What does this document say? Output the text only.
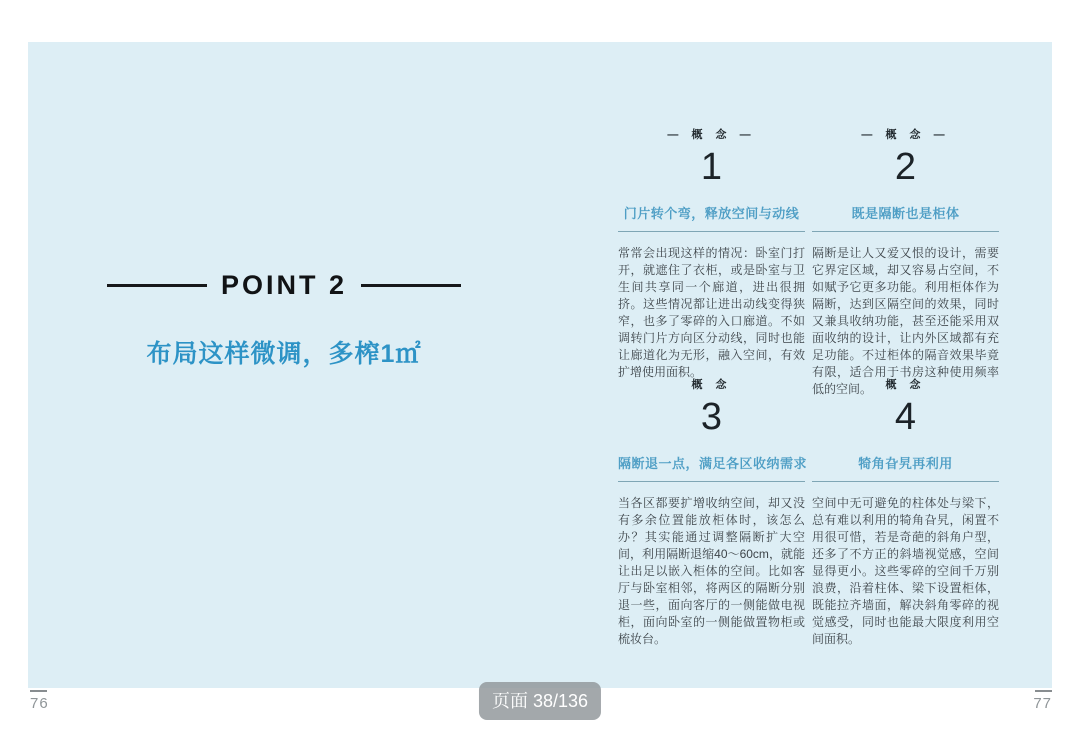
POINT 2
布局这样微调，多榨1㎡
— 概 念 —
1
门片转个弯，释放空间与动线
常常会出现这样的情况：卧室门打开，就遮住了衣柜，或是卧室与卫生间共享同一个廊道，进出很拥挤。这些情况都让进出动线变得狭窄，也多了零碎的入口廊道。不如调转门片方向区分动线，同时也能让廊道化为无形，融入空间，有效扩增使用面积。
— 概 念 —
2
既是隔断也是柜体
隔断是让人又爱又恨的设计，需要它界定区域，却又容易占空间，不如赋予它更多功能。利用柜体作为隔断，达到区隔空间的效果，同时又兼具收纳功能，甚至还能采用双面收纳的设计，让内外区域都有充足功能。不过柜体的隔音效果毕竟有限，适合用于书房这种使用频率低的空间。
概 念
3
隔断退一点，满足各区收纳需求
当各区都要扩增收纳空间，却又没有多余位置能放柜体时，该怎么办？其实能通过调整隔断扩大空间，利用隔断退缩40～60cm，就能让出足以嵌入柜体的空间。比如客厅与卧室相邻，将两区的隔断分别退一些，面向客厅的一侧能做电视柜，面向卧室的一侧能做置物柜或梳妆台。
概 念
4
犄角旮旯再利用
空间中无可避免的柱体处与梁下，总有难以利用的犄角旮旯，闲置不用很可惜，若是奇葩的斜角户型，还多了不方正的斜墙视觉感，空间显得更小。这些零碎的空间千万别浪费，沿着柱体、梁下设置柜体，既能拉齐墙面，解决斜角零碎的视觉感受，同时也能最大限度利用空间面积。
76	77
页面 38/136
